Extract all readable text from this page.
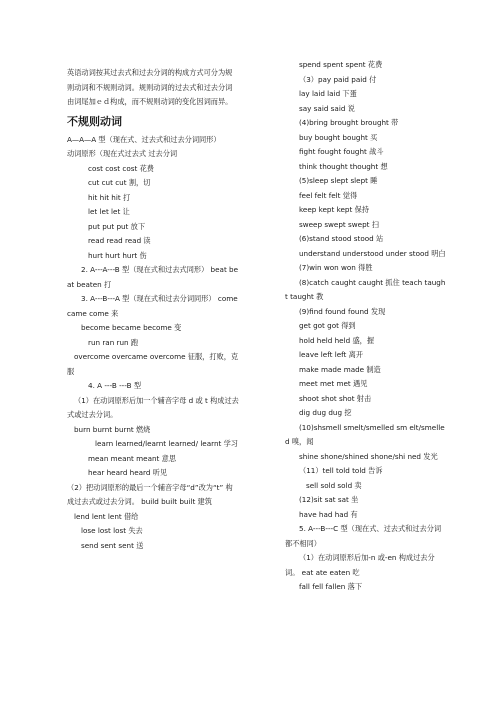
英语动词按其过去式和过去分词的构成方式可分为规则动词和不规则动词。规则动词的过去式和过去分词由词尾加ｅｄ构成，而不规则动词的变化因词而异。

不规则动词

A—A—A 型（现在式、过去式和过去分词同形）

动词原形（现在式过去式 过去分词

cost cost cost 花费

cut cut cut 割，切

hit hit hit 打

let let let 让

put put put 放下

read read read 读

hurt hurt hurt 伤

2. A---A---B 型（现在式和过去式同形） beat beat beaten 打

3. A---B---A 型（现在式和过去分词同形） come came come 来

become became become 变

run ran run 跑

overcome overcame overcome 征服，打败，克服

4. A ---B ---B 型

（1）在动词原形后加一个辅音字母 d 或 t 构成过去式或过去分词。

burn burnt burnt 燃烧

learn learned/learnt learned/ learnt 学习

mean meant meant 意思

hear heard heard 听见

（2）把动词原形的最后一个辅音字母“d”改为“t” 构成过去式或过去分词。 build built built 建筑

lend lent lent 借给

lose lost lost 失去

send sent sent 送

spend spent spent 花费

（3）pay paid paid 付

lay laid laid 下蛋

say said said 说

(4)bring brought brought 带

buy bought bought 买

fight fought fought 战斗

think thought thought 想

(5)sleep slept slept 睡

feel felt felt 觉得

keep kept kept 保持

sweep swept swept 扫

(6)stand stood stood 站

understand understood under stood 明白

(7)win won won 得胜

(8)catch caught caught 抓住 teach taught taught 教

(9)find found found 发现

get got got 得到

hold held held 盛，握

leave left left 离开

make made made 制造

meet met met 遇见

shoot shot shot 射击

dig dug dug 挖

(10)shsmell smelt/smelled sm elt/smelled 嗅，闻

shine shone/shined shone/shi ned 发光

（11）tell told told 告诉

sell sold sold 卖

(12)sit sat sat 坐

have had had 有

5. A---B---C 型（现在式、过去式和过去分词都不相同）

（1）在动词原形后加-n 或-en 构成过去分词。 eat ate eaten 吃

fall fell fallen 落下
